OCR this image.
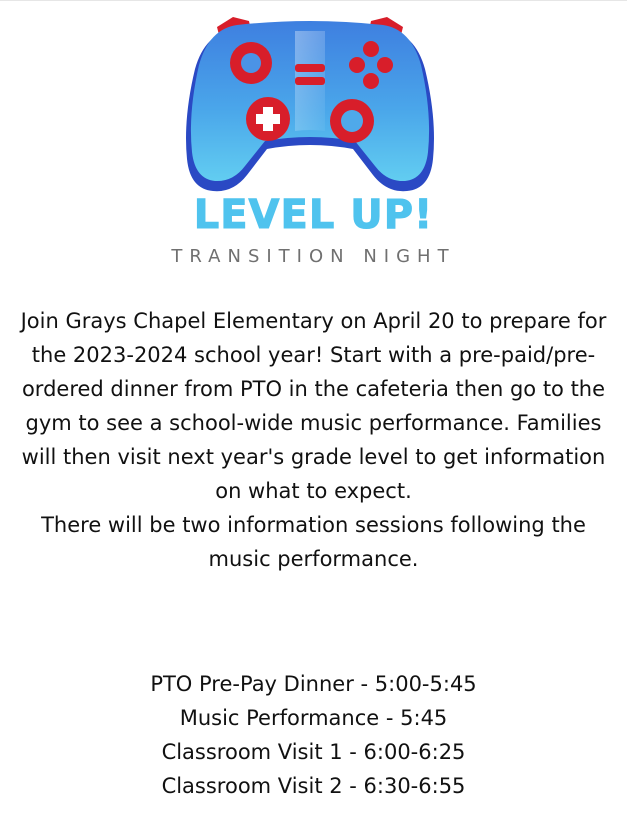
LEVEL UP!
TRANSITION NIGHT

Join Grays Chapel Elementary on April 20 to prepare for the 2023-2024 school year! Start with a pre-paid/pre-ordered dinner from PTO in the cafeteria then go to the gym to see a school-wide music performance. Families will then visit next year's grade level to get information on what to expect.

There will be two information sessions following the music performance.

PTO Pre-Pay Dinner - 5:00-5:45
Music Performance - 5:45
Classroom Visit 1 - 6:00-6:25
Classroom Visit 2 - 6:30-6:55
